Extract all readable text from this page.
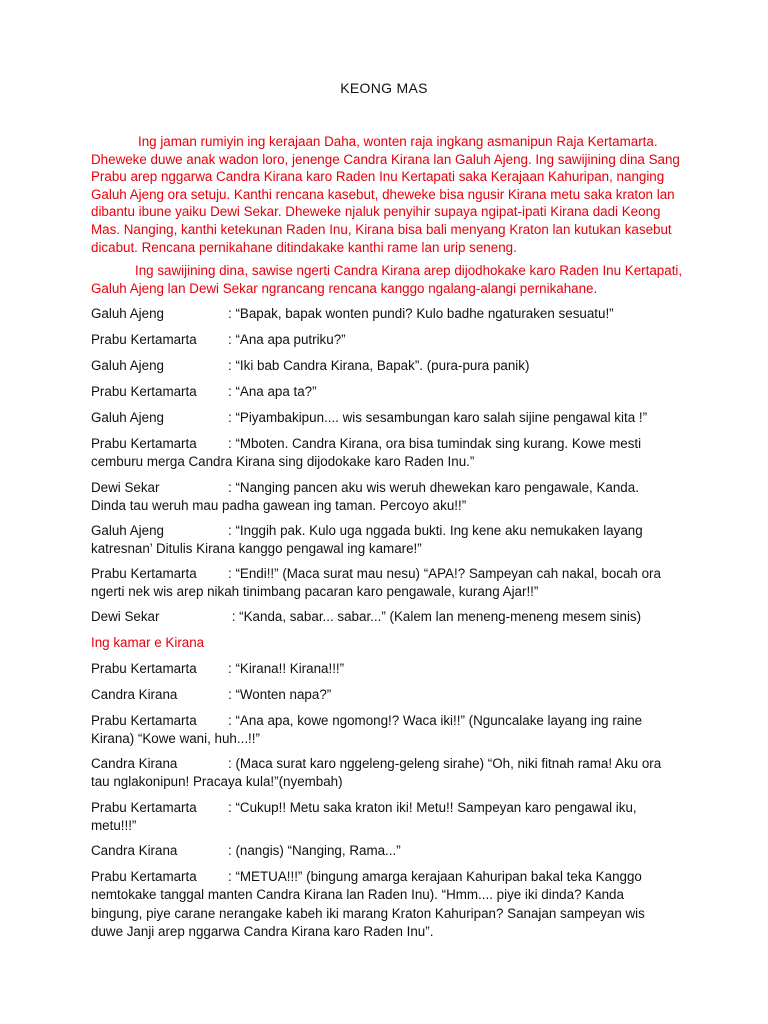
KEONG MAS
Ing jaman rumiyin ing kerajaan Daha, wonten raja ingkang asmanipun Raja Kertamarta. Dheweke duwe anak wadon loro, jenenge Candra Kirana lan Galuh Ajeng. Ing sawijining dina Sang Prabu arep nggarwa Candra Kirana karo Raden Inu Kertapati saka Kerajaan Kahuripan, nanging Galuh Ajeng ora setuju. Kanthi rencana kasebut, dheweke bisa ngusir Kirana metu saka kraton lan dibantu ibune yaiku Dewi Sekar. Dheweke njaluk penyihir supaya ngipat-ipati Kirana dadi Keong Mas. Nanging, kanthi ketekunan Raden Inu, Kirana bisa bali menyang Kraton lan kutukan kasebut dicabut. Rencana pernikahane ditindakake kanthi rame lan urip seneng.
Ing sawijining dina, sawise ngerti Candra Kirana arep dijodhokake karo Raden Inu Kertapati, Galuh Ajeng lan Dewi Sekar ngrancang rencana kanggo ngalang-alangi pernikahane.
Galuh Ajeng	: “Bapak, bapak wonten pundi? Kulo badhe ngaturaken sesuatu!”
Prabu Kertamarta : “Ana apa putriku?”
Galuh Ajeng	: “Iki bab Candra Kirana, Bapak”. (pura-pura panik)
Prabu Kertamarta : “Ana apa ta?”
Galuh Ajeng	: “Piyambakipun.... wis sesambungan karo salah sijine pengawal kita !”
Prabu Kertamarta : “Mboten. Candra Kirana, ora bisa tumindak sing kurang. Kowe mesti
cemburu merga Candra Kirana sing dijodokake karo Raden Inu.”
Dewi Sekar	: “Nanging pancen aku wis weruh dhewekan karo pengawale, Kanda.
Dinda tau weruh mau padha gawean ing taman. Percoyo aku!!”
Galuh Ajeng	: “Inggih pak. Kulo uga nggada bukti. Ing kene aku nemukaken layang
katresnan’ Ditulis Kirana kanggo pengawal ing kamare!”
Prabu Kertamarta : “Endi!!” (Maca surat mau nesu) “APA!? Sampeyan cah nakal, bocah ora
ngerti nek wis arep nikah tinimbang pacaran karo pengawale, kurang Ajar!!”
Dewi Sekar	: “Kanda, sabar... sabar...” (Kalem lan meneng-meneng mesem sinis)
Ing kamar e Kirana
Prabu Kertamarta : “Kirana!! Kirana!!!”
Candra Kirana	: “Wonten napa?”
Prabu Kertamarta : “Ana apa, kowe ngomong!? Waca iki!!” (Nguncalake layang ing raine
Kirana) “Kowe wani, huh...!!”
Candra Kirana	: (Maca surat karo nggeleng-geleng sirahe) “Oh, niki fitnah rama! Aku ora
tau nglakonipun! Pracaya kula!”(nyembah)
Prabu Kertamarta : “Cukup!! Metu saka kraton iki! Metu!! Sampeyan karo pengawal iku,
metu!!!”
Candra Kirana	: (nangis) “Nanging, Rama...”
Prabu Kertamarta : “METUA!!!” (bingung amarga kerajaan Kahuripan bakal teka Kanggo
nemtokake tanggal manten Candra Kirana lan Raden Inu). “Hmm.... piye iki dinda? Kanda
bingung, piye carane nerangake kabeh iki marang Kraton Kahuripan? Sanajan sampeyan wis
duwe Janji arep nggarwa Candra Kirana karo Raden Inu”.
